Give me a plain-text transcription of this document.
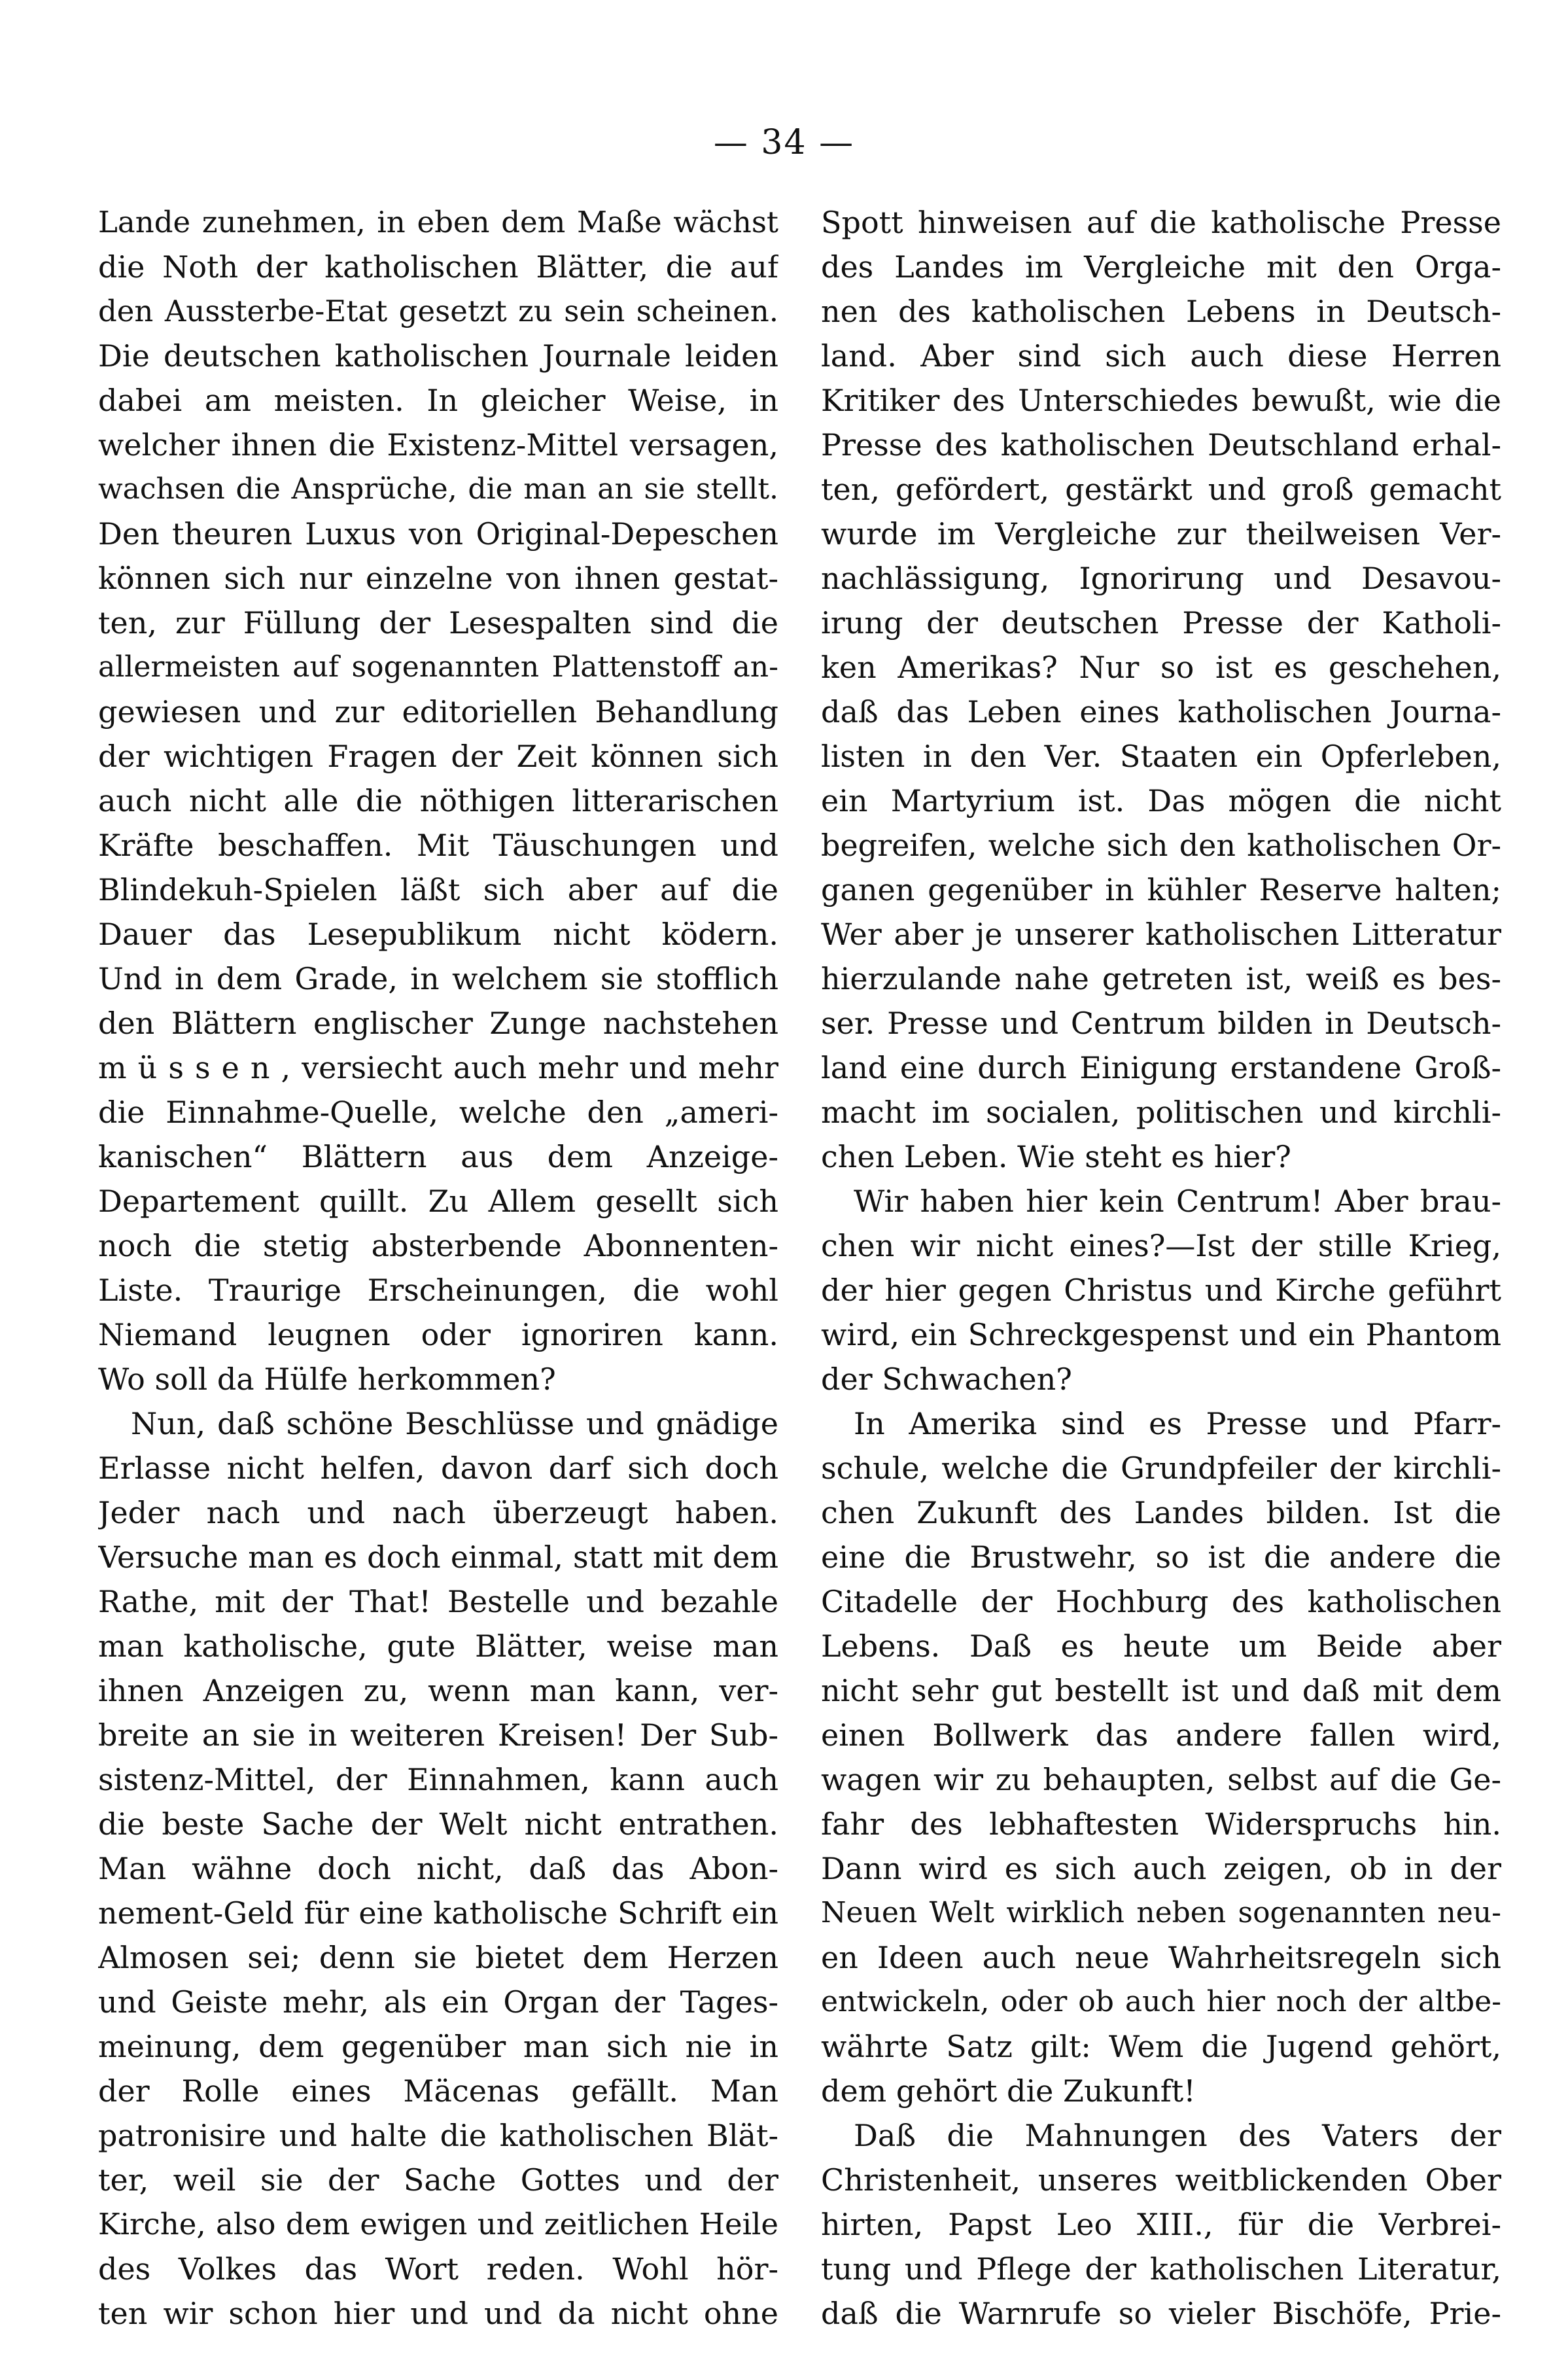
— 34 —
Lande zunehmen, in eben dem Maße wächst
die Noth der katholischen Blätter, die auf
den Aussterbe-Etat gesetzt zu sein scheinen.
Die deutschen katholischen Journale leiden
dabei am meisten. In gleicher Weise, in
welcher ihnen die Existenz-Mittel versagen,
wachsen die Ansprüche, die man an sie stellt.
Den theuren Luxus von Original-Depeschen
können sich nur einzelne von ihnen gestat-
ten, zur Füllung der Lesespalten sind die
allermeisten auf sogenannten Plattenstoff an-
gewiesen und zur editoriellen Behandlung
der wichtigen Fragen der Zeit können sich
auch nicht alle die nöthigen litterarischen
Kräfte beschaffen. Mit Täuschungen und
Blindekuh-Spielen läßt sich aber auf die
Dauer das Lesepublikum nicht ködern.
Und in dem Grade, in welchem sie stofflich
den Blättern englischer Zunge nachstehen
m ü s s e n , versiecht auch mehr und mehr
die Einnahme-Quelle, welche den „ameri-
kanischen“ Blättern aus dem Anzeige-
Departement quillt. Zu Allem gesellt sich
noch die stetig absterbende Abonnenten-
Liste. Traurige Erscheinungen, die wohl
Niemand leugnen oder ignoriren kann.
Wo soll da Hülfe herkommen?
Nun, daß schöne Beschlüsse und gnädige
Erlasse nicht helfen, davon darf sich doch
Jeder nach und nach überzeugt haben.
Versuche man es doch einmal, statt mit dem
Rathe, mit der That! Bestelle und bezahle
man katholische, gute Blätter, weise man
ihnen Anzeigen zu, wenn man kann, ver-
breite an sie in weiteren Kreisen! Der Sub-
sistenz-Mittel, der Einnahmen, kann auch
die beste Sache der Welt nicht entrathen.
Man wähne doch nicht, daß das Abon-
nement-Geld für eine katholische Schrift ein
Almosen sei; denn sie bietet dem Herzen
und Geiste mehr, als ein Organ der Tages-
meinung, dem gegenüber man sich nie in
der Rolle eines Mäcenas gefällt. Man
patronisire und halte die katholischen Blät-
ter, weil sie der Sache Gottes und der
Kirche, also dem ewigen und zeitlichen Heile
des Volkes das Wort reden. Wohl hör-
ten wir schon hier und und da nicht ohne
Spott hinweisen auf die katholische Presse
des Landes im Vergleiche mit den Orga-
nen des katholischen Lebens in Deutsch-
land. Aber sind sich auch diese Herren
Kritiker des Unterschiedes bewußt, wie die
Presse des katholischen Deutschland erhal-
ten, gefördert, gestärkt und groß gemacht
wurde im Vergleiche zur theilweisen Ver-
nachlässigung, Ignorirung und Desavou-
irung der deutschen Presse der Katholi-
ken Amerikas? Nur so ist es geschehen,
daß das Leben eines katholischen Journa-
listen in den Ver. Staaten ein Opferleben,
ein Martyrium ist. Das mögen die nicht
begreifen, welche sich den katholischen Or-
ganen gegenüber in kühler Reserve halten;
Wer aber je unserer katholischen Litteratur
hierzulande nahe getreten ist, weiß es bes-
ser. Presse und Centrum bilden in Deutsch-
land eine durch Einigung erstandene Groß-
macht im socialen, politischen und kirchli-
chen Leben. Wie steht es hier?
Wir haben hier kein Centrum! Aber brau-
chen wir nicht eines?—Ist der stille Krieg,
der hier gegen Christus und Kirche geführt
wird, ein Schreckgespenst und ein Phantom
der Schwachen?
In Amerika sind es Presse und Pfarr-
schule, welche die Grundpfeiler der kirchli-
chen Zukunft des Landes bilden. Ist die
eine die Brustwehr, so ist die andere die
Citadelle der Hochburg des katholischen
Lebens. Daß es heute um Beide aber
nicht sehr gut bestellt ist und daß mit dem
einen Bollwerk das andere fallen wird,
wagen wir zu behaupten, selbst auf die Ge-
fahr des lebhaftesten Widerspruchs hin.
Dann wird es sich auch zeigen, ob in der
Neuen Welt wirklich neben sogenannten neu-
en Ideen auch neue Wahrheitsregeln sich
entwickeln, oder ob auch hier noch der altbe-
währte Satz gilt: Wem die Jugend gehört,
dem gehört die Zukunft!
Daß die Mahnungen des Vaters der
Christenheit, unseres weitblickenden Ober
hirten, Papst Leo XIII., für die Verbrei-
tung und Pflege der katholischen Literatur,
daß die Warnrufe so vieler Bischöfe, Prie-
